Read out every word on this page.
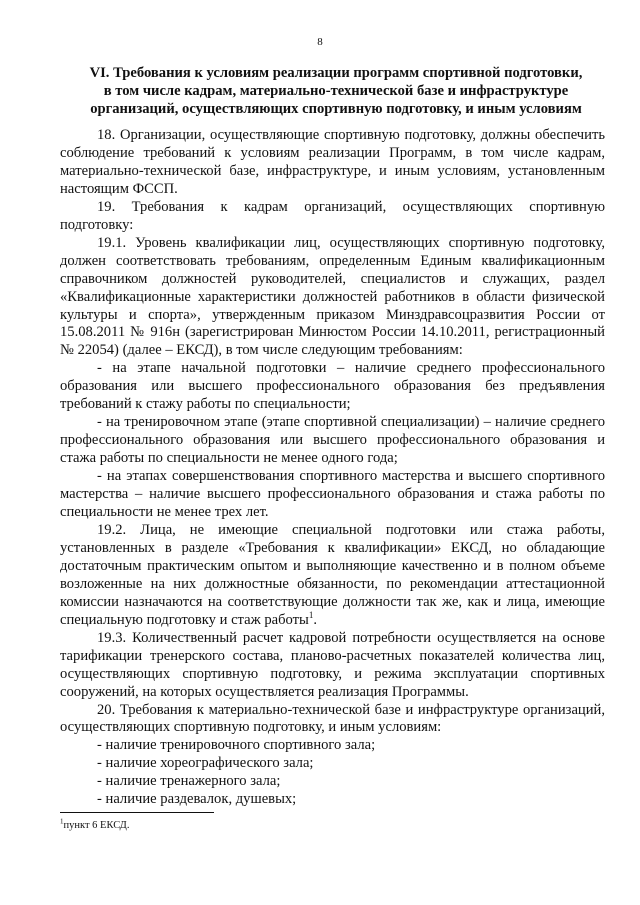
8
VI. Требования к условиям реализации программ спортивной подготовки,
в том числе кадрам, материально-технической базе и инфраструктуре
организаций, осуществляющих спортивную подготовку, и иным условиям

18. Организации, осуществляющие спортивную подготовку, должны обеспечить соблюдение требований к условиям реализации Программ, в том числе кадрам, материально-технической базе, инфраструктуре, и иным условиям, установленным настоящим ФССП.

19. Требования к кадрам организаций, осуществляющих спортивную подготовку:

19.1. Уровень квалификации лиц, осуществляющих спортивную подготовку, должен соответствовать требованиям, определенным Единым квалификационным справочником должностей руководителей, специалистов и служащих, раздел «Квалификационные характеристики должностей работников в области физической культуры и спорта», утвержденным приказом Минздравсоцразвития России от 15.08.2011 № 916н (зарегистрирован Минюстом России 14.10.2011, регистрационный № 22054) (далее – ЕКСД), в том числе следующим требованиям:

- на этапе начальной подготовки – наличие среднего профессионального образования или высшего профессионального образования без предъявления требований к стажу работы по специальности;

- на тренировочном этапе (этапе спортивной специализации) – наличие среднего профессионального образования или высшего профессионального образования и стажа работы по специальности не менее одного года;

- на этапах совершенствования спортивного мастерства и высшего спортивного мастерства – наличие высшего профессионального образования и стажа работы по специальности не менее трех лет.

19.2. Лица, не имеющие специальной подготовки или стажа работы, установленных в разделе «Требования к квалификации» ЕКСД, но обладающие достаточным практическим опытом и выполняющие качественно и в полном объеме возложенные на них должностные обязанности, по рекомендации аттестационной комиссии назначаются на соответствующие должности так же, как и лица, имеющие специальную подготовку и стаж работы$^1$.

19.3. Количественный расчет кадровой потребности осуществляется на основе тарификации тренерского состава, планово-расчетных показателей количества лиц, осуществляющих спортивную подготовку, и режима эксплуатации спортивных сооружений, на которых осуществляется реализация Программы.

20. Требования к материально-технической базе и инфраструктуре организаций, осуществляющих спортивную подготовку, и иным условиям:

- наличие тренировочного спортивного зала;

- наличие хореографического зала;

- наличие тренажерного зала;

- наличие раздевалок, душевых;

$^1$пункт 6 ЕКСД.
